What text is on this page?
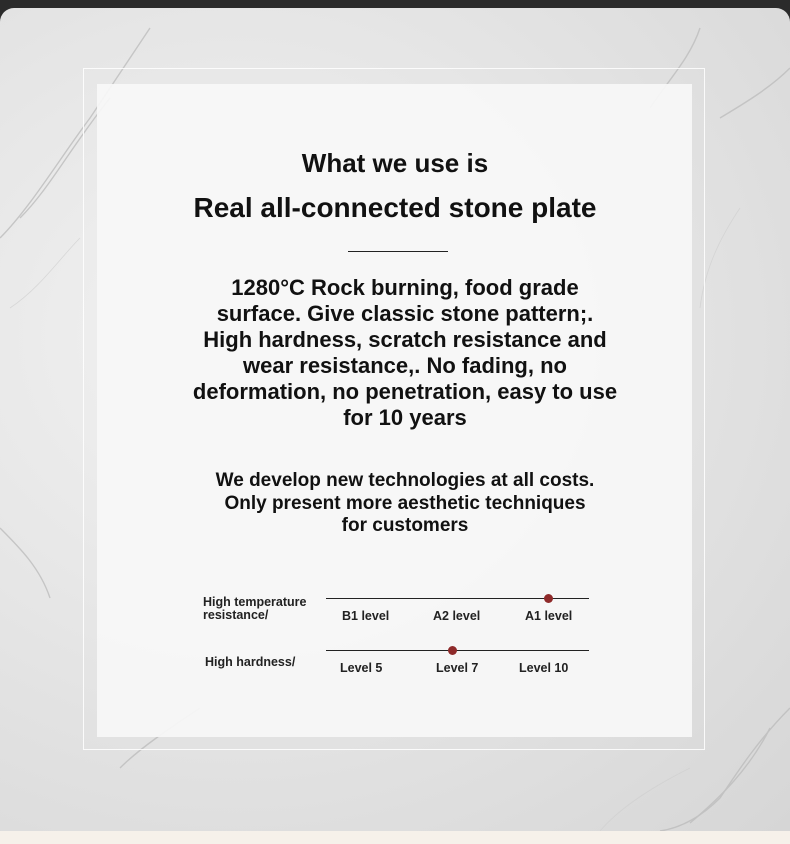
What we use is
Real all-connected stone plate
1280°C Rock burning, food grade surface. Give classic stone pattern;. High hardness, scratch resistance and wear resistance,. No fading, no deformation, no penetration, easy to use for 10 years
We develop new technologies at all costs. Only present more aesthetic techniques for customers
High temperature resistance/	B1 level	A2 level	A1 level
High hardness/	Level 5	Level 7	Level 10
